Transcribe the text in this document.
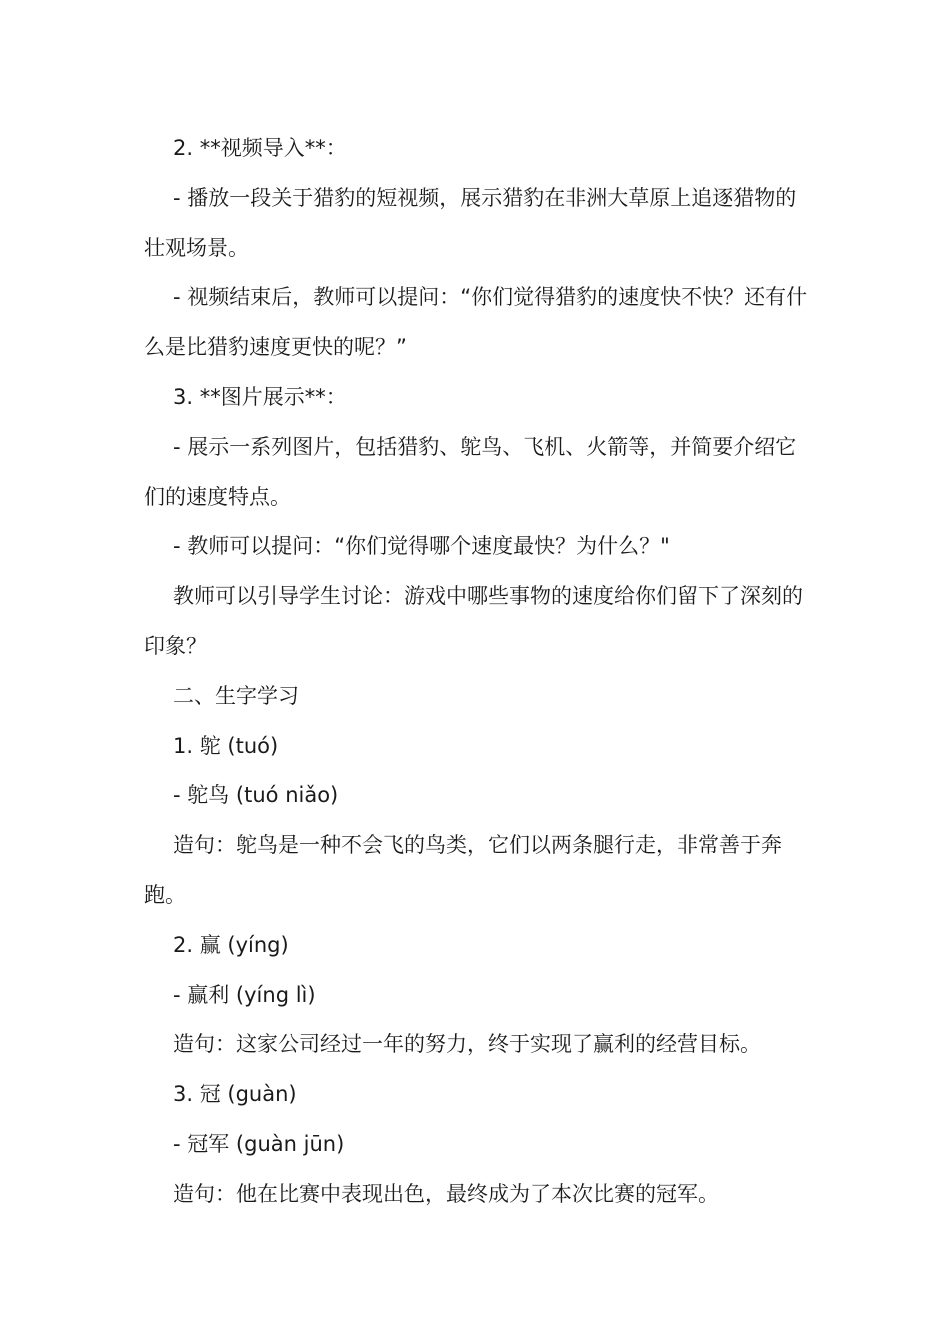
2. **视频导入**：

- 播放一段关于猎豹的短视频，展示猎豹在非洲大草原上追逐猎物的壮观场景。

- 视频结束后，教师可以提问：“你们觉得猎豹的速度快不快？还有什么是比猎豹速度更快的呢？”

3. **图片展示**：

- 展示一系列图片，包括猎豹、鸵鸟、飞机、火箭等，并简要介绍它们的速度特点。

- 教师可以提问：“你们觉得哪个速度最快？为什么？"

教师可以引导学生讨论：游戏中哪些事物的速度给你们留下了深刻的印象？

二、生字学习

1. 鸵 (tuó)

- 鸵鸟 (tuó niǎo)

造句：鸵鸟是一种不会飞的鸟类，它们以两条腿行走，非常善于奔跑。

2. 赢 (yíng)

- 赢利 (yíng lì)

造句：这家公司经过一年的努力，终于实现了赢利的经营目标。

3. 冠 (guàn)

- 冠军 (guàn jūn)

造句：他在比赛中表现出色，最终成为了本次比赛的冠军。
